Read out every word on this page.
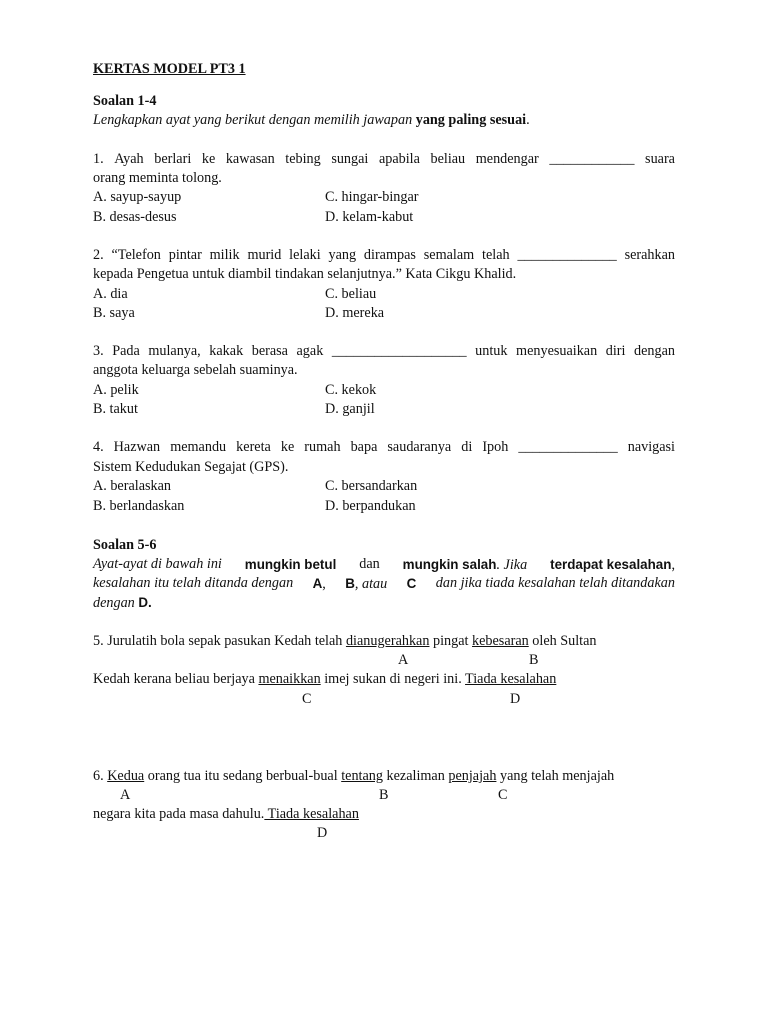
KERTAS MODEL PT3 1
Soalan 1-4
Lengkapkan ayat yang berikut dengan memilih jawapan yang paling sesuai.
1. Ayah berlari ke kawasan tebing sungai apabila beliau mendengar ____________ suara
orang meminta tolong.
A. sayup-sayup	C. hingar-bingar
B. desas-desus	D. kelam-kabut
2. “Telefon pintar milik murid lelaki yang dirampas semalam telah ______________ serahkan
kepada Pengetua untuk diambil tindakan selanjutnya.” Kata Cikgu Khalid.
A. dia	C. beliau
B. saya	D. mereka
3. Pada mulanya, kakak berasa agak ___________________ untuk menyesuaikan diri dengan
anggota keluarga sebelah suaminya.
A. pelik	C. kekok
B. takut	D. ganjil
4. Hazwan memandu kereta ke rumah bapa saudaranya di Ipoh ______________ navigasi
Sistem Kedudukan Segajat (GPS).
A. beralaskan	C. bersandarkan
B. berlandaskan	D. berpandukan
Soalan 5-6
Ayat-ayat di bawah ini mungkin betul dan mungkin salah. Jika terdapat kesalahan,
kesalahan itu telah ditanda dengan A, B, atau C dan jika tiada kesalahan telah ditandakan
dengan D.
5. Jurulatih bola sepak pasukan Kedah telah dianugerahkan pingat kebesaran oleh Sultan
A	B
Kedah kerana beliau berjaya menaikkan imej sukan di negeri ini. Tiada kesalahan
C	D
6. Kedua orang tua itu sedang berbual-bual tentang kezaliman penjajah yang telah menjajah
A	B	C
negara kita pada masa dahulu. Tiada kesalahan
D
